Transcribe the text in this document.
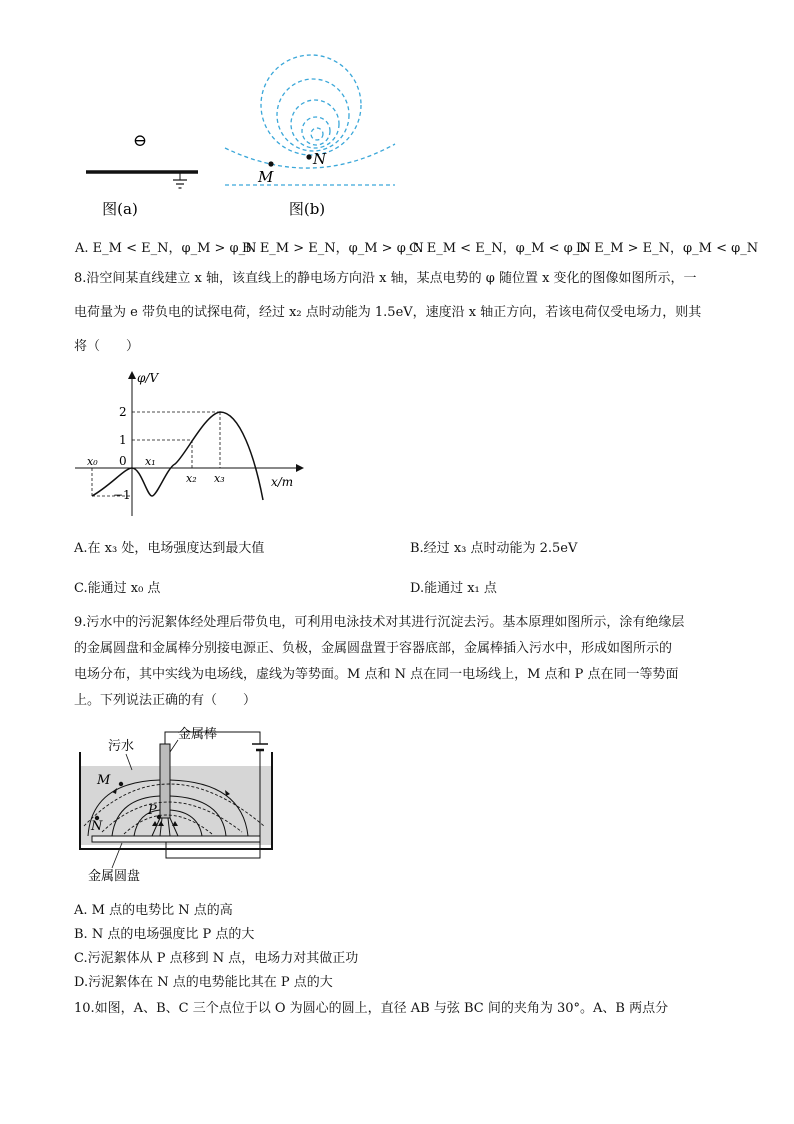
⊖
图(a)
M
N
图(b)
A. E_M < E_N，φ_M > φ_N
B. E_M > E_N，φ_M > φ_N
C. E_M < E_N，φ_M < φ_N
D. E_M > E_N，φ_M < φ_N
8.沿空间某直线建立 x 轴，该直线上的静电场方向沿 x 轴，某点电势的 φ 随位置 x 变化的图像如图所示，一
电荷量为 e 带负电的试探电荷，经过 x₂ 点时动能为 1.5eV，速度沿 x 轴正方向，若该电荷仅受电场力，则其
将（　　）
φ/V
x/m
2
1
0
−1
x₀	x₁
x₂ x₃
A.在 x₃ 处，电场强度达到最大值	B.经过 x₃ 点时动能为 2.5eV
C.能通过 x₀ 点	D.能通过 x₁ 点
9.污水中的污泥絮体经处理后带负电，可利用电泳技术对其进行沉淀去污。基本原理如图所示，涂有绝缘层
的金属圆盘和金属棒分别接电源正、负极，金属圆盘置于容器底部，金属棒插入污水中，形成如图所示的
电场分布，其中实线为电场线，虚线为等势面。M 点和 N 点在同一电场线上，M 点和 P 点在同一等势面
上。下列说法正确的有（　　）
M
N
P
污水
金属棒
金属圆盘
A. M 点的电势比 N 点的高
B. N 点的电场强度比 P 点的大
C.污泥絮体从 P 点移到 N 点，电场力对其做正功
D.污泥絮体在 N 点的电势能比其在 P 点的大
10.如图，A、B、C 三个点位于以 O 为圆心的圆上，直径 AB 与弦 BC 间的夹角为 30°。A、B 两点分
